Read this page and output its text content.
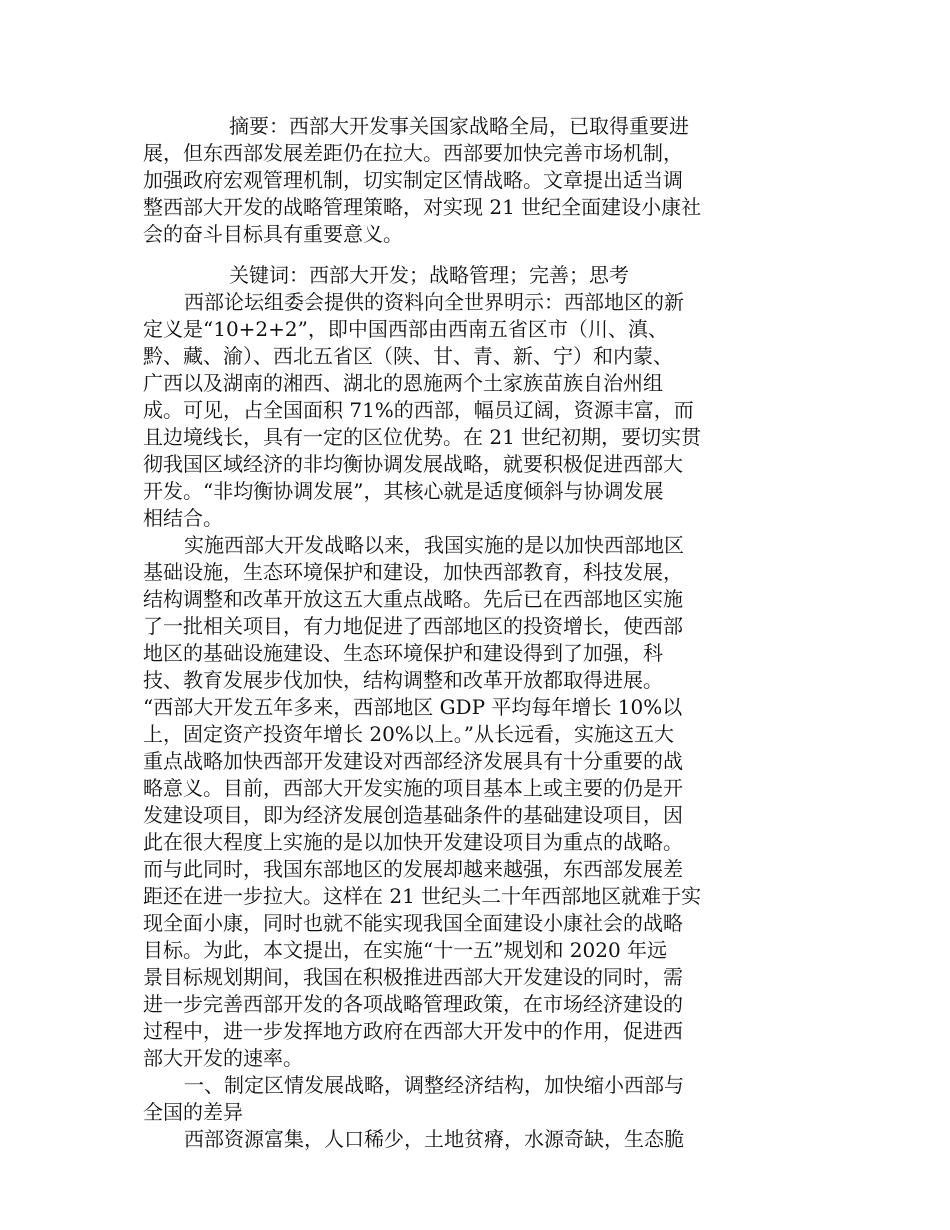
摘要：西部大开发事关国家战略全局，已取得重要进
展，但东西部发展差距仍在拉大。西部要加快完善市场机制，
加强政府宏观管理机制，切实制定区情战略。文章提出适当调
整西部大开发的战略管理策略，对实现 21 世纪全面建设小康社
会的奋斗目标具有重要意义。
关键词：西部大开发；战略管理；完善；思考
西部论坛组委会提供的资料向全世界明示：西部地区的新
定义是“10+2+2”，即中国西部由西南五省区市（川、滇、
黔、藏、渝）、西北五省区（陕、甘、青、新、宁）和内蒙、
广西以及湖南的湘西、湖北的恩施两个土家族苗族自治州组
成。可见，占全国面积 71%的西部，幅员辽阔，资源丰富，而
且边境线长，具有一定的区位优势。在 21 世纪初期，要切实贯
彻我国区域经济的非均衡协调发展战略，就要积极促进西部大
开发。“非均衡协调发展”，其核心就是适度倾斜与协调发展
相结合。
实施西部大开发战略以来，我国实施的是以加快西部地区
基础设施，生态环境保护和建设，加快西部教育，科技发展，
结构调整和改革开放这五大重点战略。先后已在西部地区实施
了一批相关项目，有力地促进了西部地区的投资增长，使西部
地区的基础设施建设、生态环境保护和建设得到了加强，科
技、教育发展步伐加快，结构调整和改革开放都取得进展。
“西部大开发五年多来，西部地区 GDP 平均每年增长 10%以
上，固定资产投资年增长 20%以上。”从长远看，实施这五大
重点战略加快西部开发建设对西部经济发展具有十分重要的战
略意义。目前，西部大开发实施的项目基本上或主要的仍是开
发建设项目，即为经济发展创造基础条件的基础建设项目，因
此在很大程度上实施的是以加快开发建设项目为重点的战略。
而与此同时，我国东部地区的发展却越来越强，东西部发展差
距还在进一步拉大。这样在 21 世纪头二十年西部地区就难于实
现全面小康，同时也就不能实现我国全面建设小康社会的战略
目标。为此，本文提出，在实施“十一五”规划和 2020 年远
景目标规划期间，我国在积极推进西部大开发建设的同时，需
进一步完善西部开发的各项战略管理政策，在市场经济建设的
过程中，进一步发挥地方政府在西部大开发中的作用，促进西
部大开发的速率。
一、制定区情发展战略，调整经济结构，加快缩小西部与
全国的差异
西部资源富集，人口稀少，土地贫瘠，水源奇缺，生态脆
